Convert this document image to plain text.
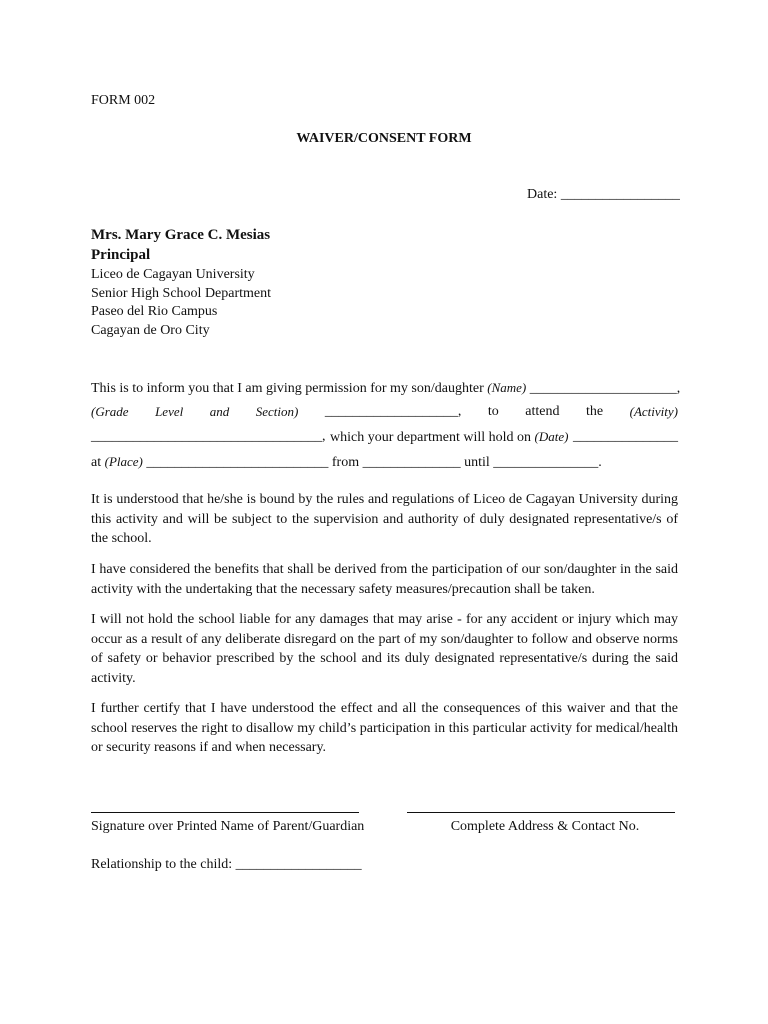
FORM 002
WAIVER/CONSENT FORM
Date: _________________
Mrs. Mary Grace C. Mesias
Principal
Liceo de Cagayan University
Senior High School Department
Paseo del Rio Campus
Cagayan de Oro City
This is to inform you that I am giving permission for my son/daughter (Name) _____________________,
(Grade Level and Section) ___________________, to attend the (Activity)
_________________________________, which your department will hold on (Date) _______________
at (Place) __________________________ from ______________ until _______________.
It is understood that he/she is bound by the rules and regulations of Liceo de Cagayan University during this activity and will be subject to the supervision and authority of duly designated representative/s of the school.
I have considered the benefits that shall be derived from the participation of our son/daughter in the said activity with the undertaking that the necessary safety measures/precaution shall be taken.
I will not hold the school liable for any damages that may arise - for any accident or injury which may occur as a result of any deliberate disregard on the part of my son/daughter to follow and observe norms of safety or behavior prescribed by the school and its duly designated representative/s during the said activity.
I further certify that I have understood the effect and all the consequences of this waiver and that the school reserves the right to disallow my child’s participation in this particular activity for medical/health or security reasons if and when necessary.
Signature over Printed Name of Parent/Guardian	Complete Address & Contact No.
Relationship to the child: __________________
